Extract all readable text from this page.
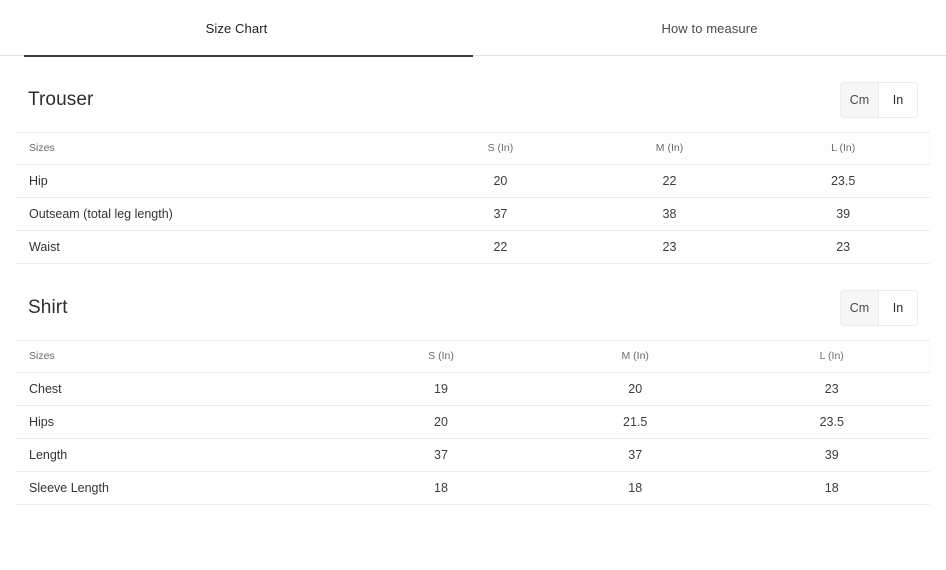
Size Chart	How to measure
Trouser	Cm	In
Sizes	S (In)	M (In)	L (In)
Hip	20	22	23.5
Outseam (total leg length)	37	38	39
Waist	22	23	23
Shirt	Cm	In
Sizes	S (In)	M (In)	L (In)
Chest	19	20	23
Hips	20	21.5	23.5
Length	37	37	39
Sleeve Length	18	18	18
